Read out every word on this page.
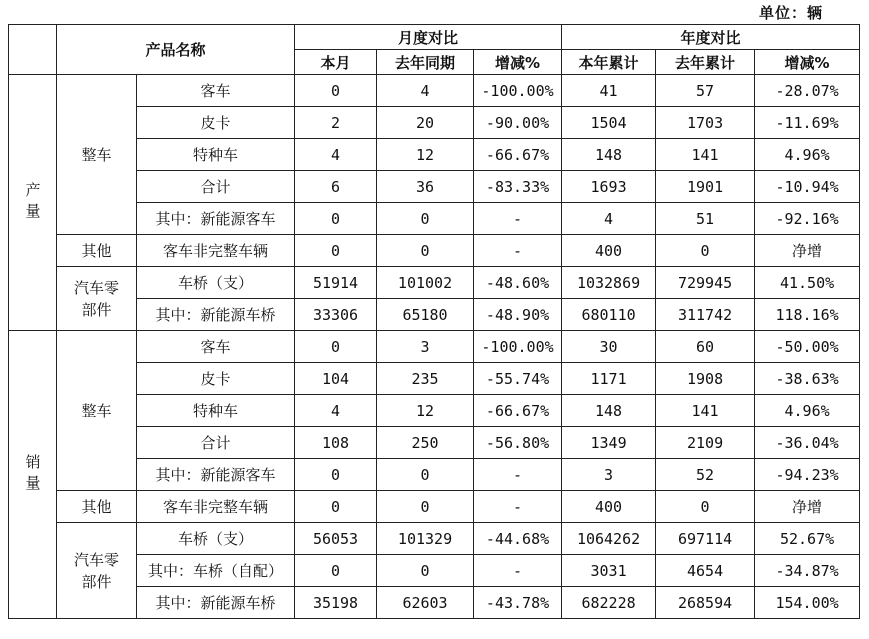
单位：辆
	产品名称		月度对比			年度对比		
			本月	去年同期	增减%	本年累计	去年累计	增减%
产量	整车	客车	0	4	-100.00%	41	57	-28.07%
		皮卡	2	20	-90.00%	1504	1703	-11.69%
		特种车	4	12	-66.67%	148	141	4.96%
		合计	6	36	-83.33%	1693	1901	-10.94%
		其中：新能源客车	0	0	-	4	51	-92.16%
	其他	客车非完整车辆	0	0	-	400	0	净增
	汽车零部件	车桥（支）	51914	101002	-48.60%	1032869	729945	41.50%
		其中：新能源车桥	33306	65180	-48.90%	680110	311742	118.16%
销量	整车	客车	0	3	-100.00%	30	60	-50.00%
		皮卡	104	235	-55.74%	1171	1908	-38.63%
		特种车	4	12	-66.67%	148	141	4.96%
		合计	108	250	-56.80%	1349	2109	-36.04%
		其中：新能源客车	0	0	-	3	52	-94.23%
	其他	客车非完整车辆	0	0	-	400	0	净增
	汽车零部件	车桥（支）	56053	101329	-44.68%	1064262	697114	52.67%
		其中：车桥（自配）	0	0	-	3031	4654	-34.87%
		其中：新能源车桥	35198	62603	-43.78%	682228	268594	154.00%
